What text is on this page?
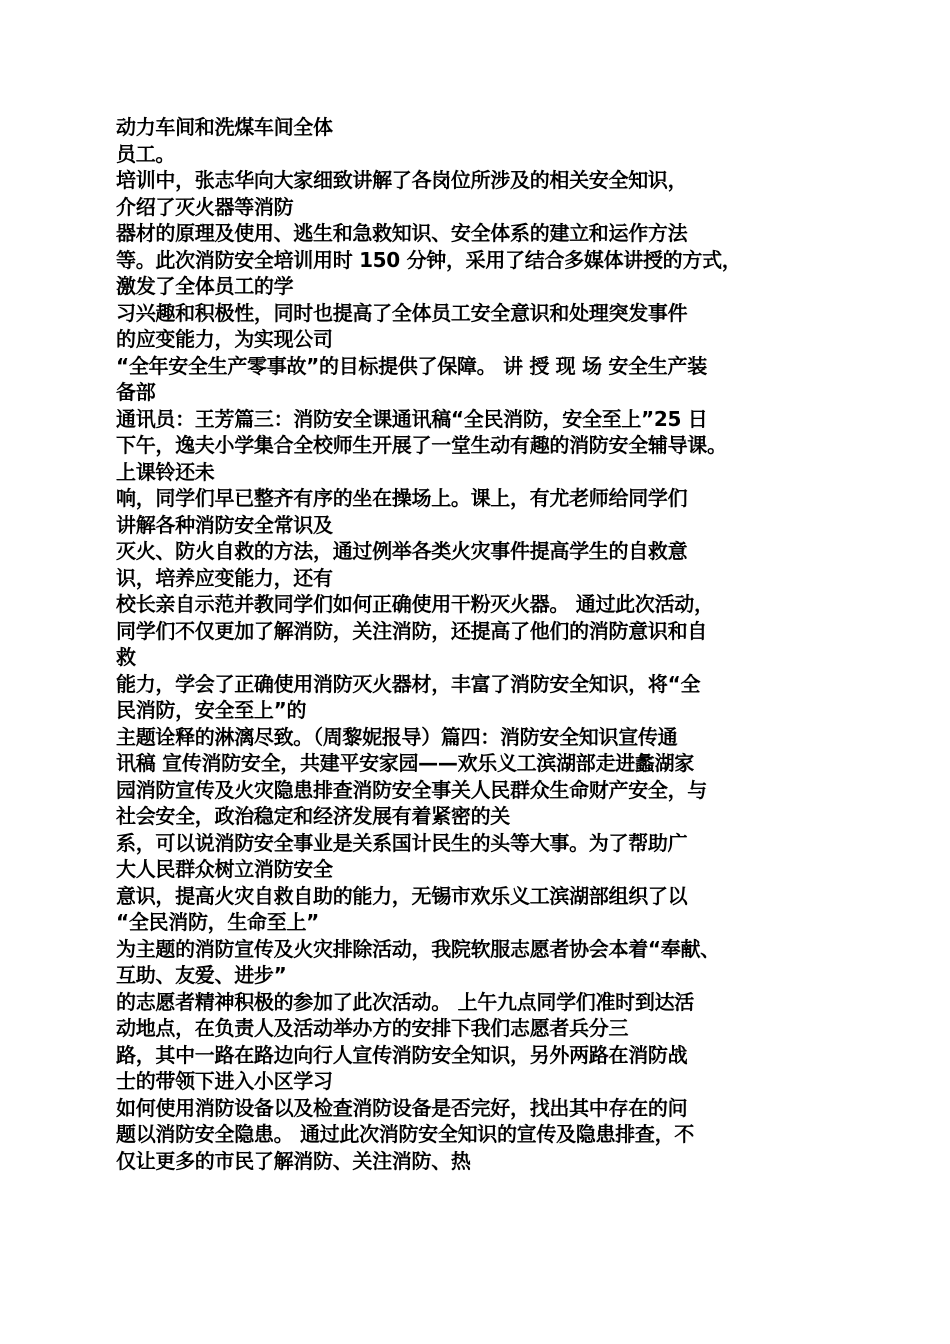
动力车间和洗煤车间全体
员工。
培训中，张志华向大家细致讲解了各岗位所涉及的相关安全知识，
介绍了灭火器等消防
器材的原理及使用、逃生和急救知识、安全体系的建立和运作方法
等。此次消防安全培训用时 150 分钟，采用了结合多媒体讲授的方式，
激发了全体员工的学
习兴趣和积极性，同时也提高了全体员工安全意识和处理突发事件
的应变能力，为实现公司
“全年安全生产零事故”的目标提供了保障。 讲 授 现 场 安全生产装
备部
通讯员：王芳篇三：消防安全课通讯稿“全民消防，安全至上”25 日
下午，逸夫小学集合全校师生开展了一堂生动有趣的消防安全辅导课。
上课铃还未
响，同学们早已整齐有序的坐在操场上。课上，有尤老师给同学们
讲解各种消防安全常识及
灭火、防火自救的方法，通过例举各类火灾事件提高学生的自救意
识，培养应变能力，还有
校长亲自示范并教同学们如何正确使用干粉灭火器。 通过此次活动，
同学们不仅更加了解消防，关注消防，还提高了他们的消防意识和自
救
能力，学会了正确使用消防灭火器材，丰富了消防安全知识，将“全
民消防，安全至上”的
主题诠释的淋漓尽致。（周黎妮报导）篇四：消防安全知识宣传通
讯稿 宣传消防安全，共建平安家园——欢乐义工滨湖部走进蠡湖家
园消防宣传及火灾隐患排查消防安全事关人民群众生命财产安全，与
社会安全，政治稳定和经济发展有着紧密的关
系，可以说消防安全事业是关系国计民生的头等大事。为了帮助广
大人民群众树立消防安全
意识，提高火灾自救自助的能力，无锡市欢乐义工滨湖部组织了以
“全民消防，生命至上”
为主题的消防宣传及火灾排除活动，我院软服志愿者协会本着“奉献、
互助、友爱、进步”
的志愿者精神积极的参加了此次活动。 上午九点同学们准时到达活
动地点，在负责人及活动举办方的安排下我们志愿者兵分三
路，其中一路在路边向行人宣传消防安全知识，另外两路在消防战
士的带领下进入小区学习
如何使用消防设备以及检查消防设备是否完好，找出其中存在的问
题以消防安全隐患。 通过此次消防安全知识的宣传及隐患排查，不
仅让更多的市民了解消防、关注消防、热
